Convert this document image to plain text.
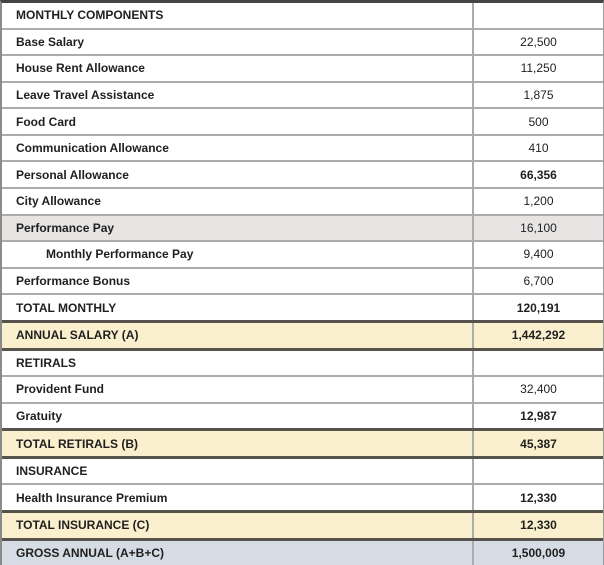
MONTHLY COMPONENTS
Base Salary	22,500
House Rent Allowance	11,250
Leave Travel Assistance	1,875
Food Card	500
Communication Allowance	410
Personal Allowance	66,356
City Allowance	1,200
Performance Pay	16,100
Monthly Performance Pay	9,400
Performance Bonus	6,700
TOTAL MONTHLY	120,191
ANNUAL SALARY (A)	1,442,292
RETIRALS
Provident Fund	32,400
Gratuity	12,987
TOTAL RETIRALS (B)	45,387
INSURANCE
Health Insurance Premium	12,330
TOTAL INSURANCE (C)	12,330
GROSS ANNUAL (A+B+C)	1,500,009
